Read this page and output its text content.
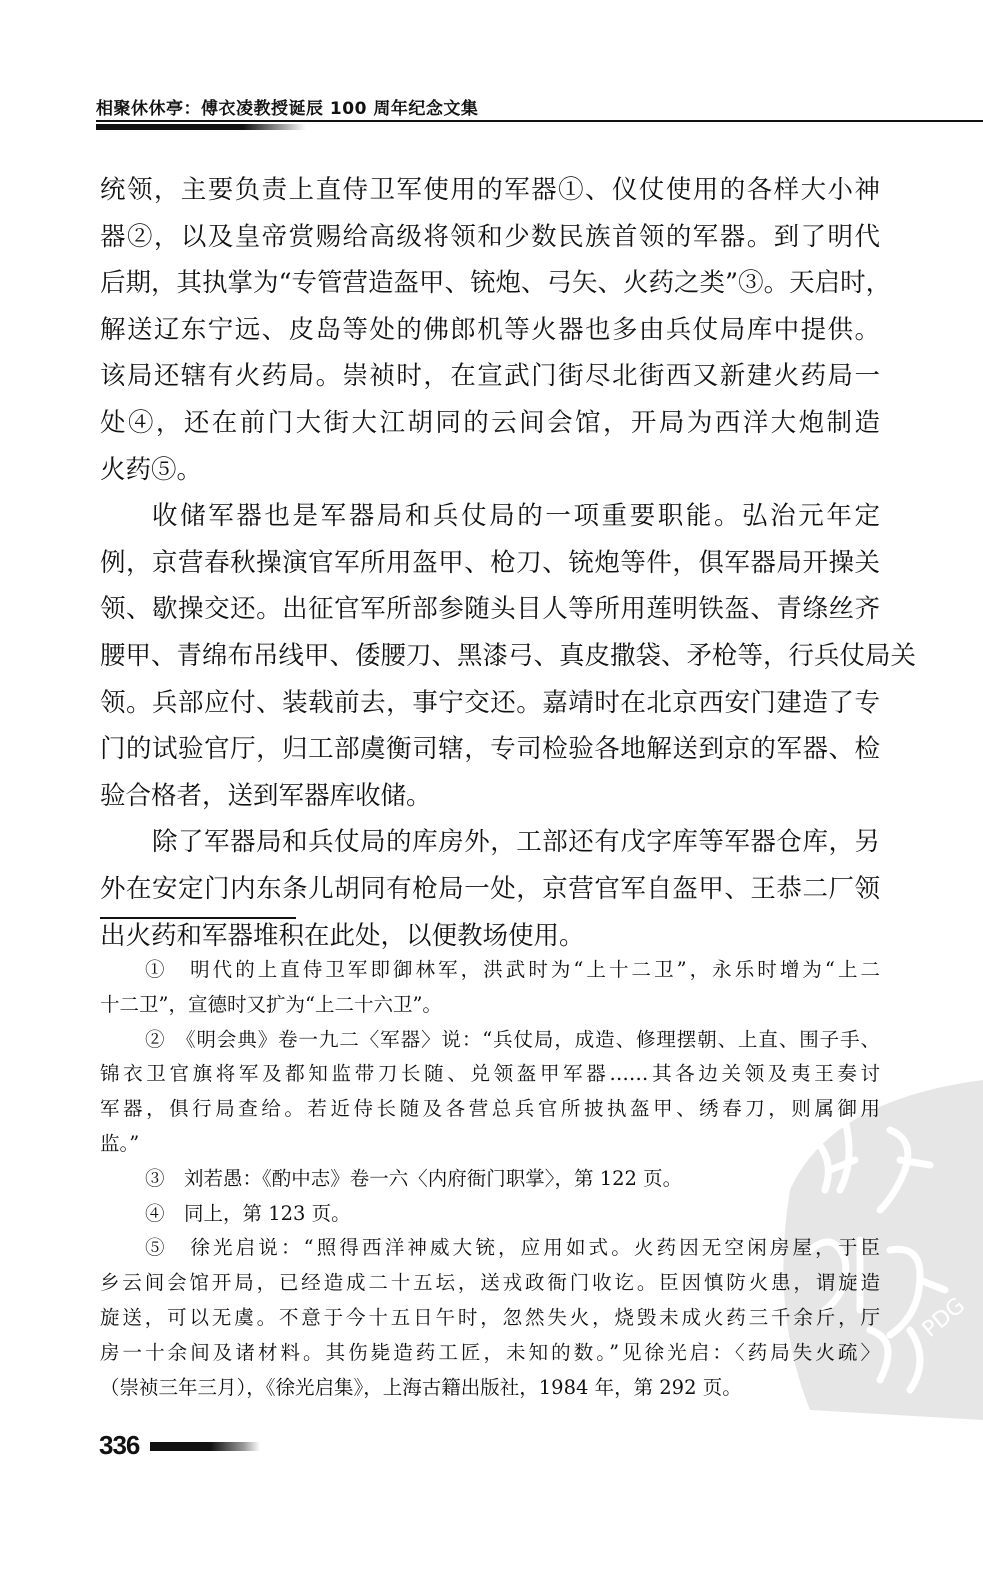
PDG
相聚休休亭：傅衣凌教授诞辰 100 周年纪念文集
统领，主要负责上直侍卫军使用的军器①、仪仗使用的各样大小神
器②，以及皇帝赏赐给高级将领和少数民族首领的军器。到了明代
后期，其执掌为“专管营造盔甲、铳炮、弓矢、火药之类”③。天启时，
解送辽东宁远、皮岛等处的佛郎机等火器也多由兵仗局库中提供。
该局还辖有火药局。崇祯时，在宣武门街尽北街西又新建火药局一
处④，还在前门大街大江胡同的云间会馆，开局为西洋大炮制造
火药⑤。
收储军器也是军器局和兵仗局的一项重要职能。弘治元年定
例，京营春秋操演官军所用盔甲、枪刀、铳炮等件，俱军器局开操关
领、歇操交还。出征官军所部参随头目人等所用莲明铁盔、青绦丝齐
腰甲、青绵布吊线甲、倭腰刀、黑漆弓、真皮撒袋、矛枪等，行兵仗局关
领。兵部应付、装载前去，事宁交还。嘉靖时在北京西安门建造了专
门的试验官厅，归工部虞衡司辖，专司检验各地解送到京的军器、检
验合格者，送到军器库收储。
除了军器局和兵仗局的库房外，工部还有戊字库等军器仓库，另
外在安定门内东条儿胡同有枪局一处，京营官军自盔甲、王恭二厂领
出火药和军器堆积在此处，以便教场使用。
①　明代的上直侍卫军即御林军，洪武时为“上十二卫”，永乐时增为“上二
十二卫”，宣德时又扩为“上二十六卫”。
②　《明会典》卷一九二〈军器〉说：“兵仗局，成造、修理摆朝、上直、围子手、
锦衣卫官旗将军及都知监带刀长随、兑领盔甲军器……其各边关领及夷王奏讨
军器，俱行局查给。若近侍长随及各营总兵官所披执盔甲、绣春刀，则属御用
监。”
③　刘若愚：《酌中志》卷一六〈内府衙门职掌〉，第 122 页。
④　同上，第 123 页。
⑤　徐光启说：“照得西洋神威大铳，应用如式。火药因无空闲房屋，于臣
乡云间会馆开局，已经造成二十五坛，送戎政衙门收讫。臣因慎防火患，谓旋造
旋送，可以无虞。不意于今十五日午时，忽然失火，烧毁未成火药三千余斤，厅
房一十余间及诸材料。其伤毙造药工匠，未知的数。”见徐光启：〈药局失火疏〉
（崇祯三年三月），《徐光启集》，上海古籍出版社，1984 年，第 292 页。
336
